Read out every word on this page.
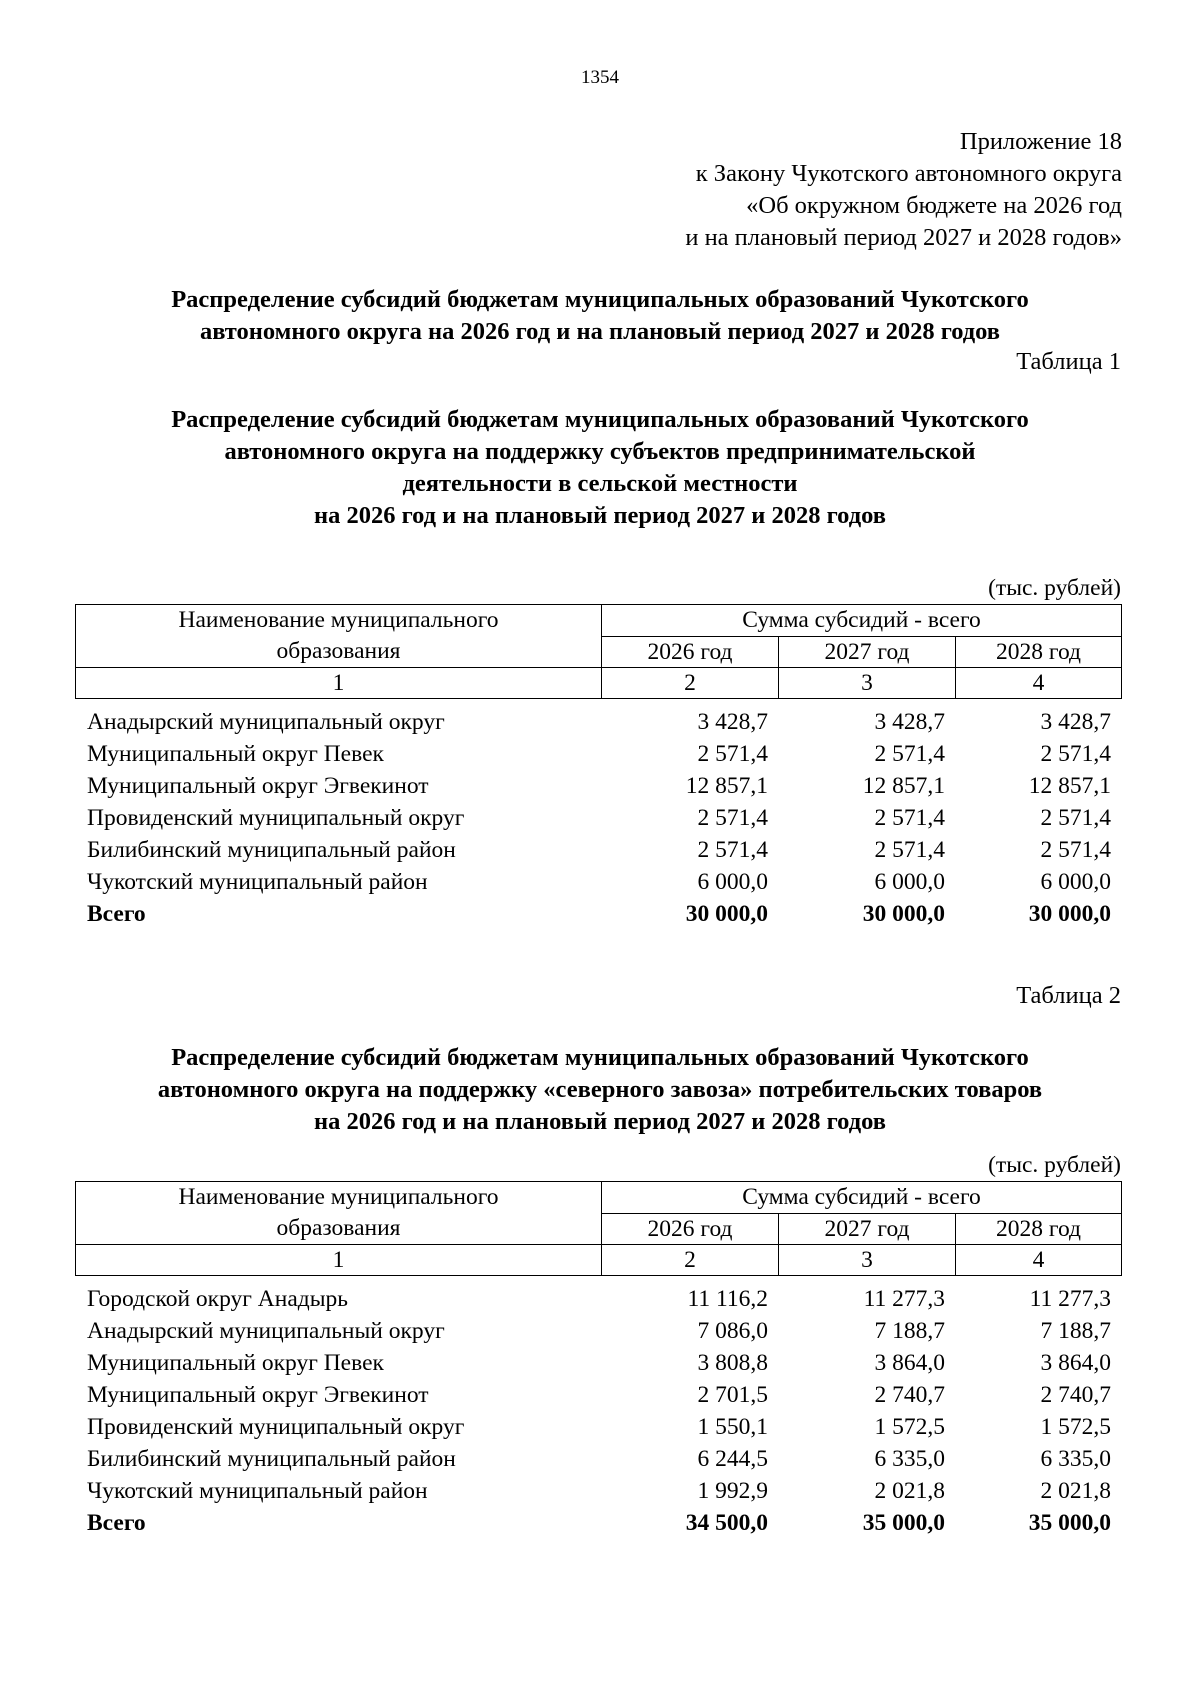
1354
Приложение 18
к Закону Чукотского автономного округа
«Об окружном бюджете на 2026 год
и на плановый период 2027 и 2028 годов»
Распределение субсидий бюджетам муниципальных образований Чукотского
автономного округа на 2026 год и на плановый период 2027 и 2028 годов
Таблица 1
Распределение субсидий бюджетам муниципальных образований Чукотского
автономного округа на поддержку субъектов предпринимательской
деятельности в сельской местности
на 2026 год и на плановый период 2027 и 2028 годов
(тыс. рублей)
Наименование муниципального
образования	Сумма субсидий - всего		
	2026 год	2027 год	2028 год
1	2	3	4
Анадырский муниципальный округ	3 428,7	3 428,7	3 428,7
Муниципальный округ Певек	2 571,4	2 571,4	2 571,4
Муниципальный округ Эгвекинот	12 857,1	12 857,1	12 857,1
Провиденский муниципальный округ	2 571,4	2 571,4	2 571,4
Билибинский муниципальный район	2 571,4	2 571,4	2 571,4
Чукотский муниципальный район	6 000,0	6 000,0	6 000,0
Всего	30 000,0	30 000,0	30 000,0
Таблица 2
Распределение субсидий бюджетам муниципальных образований Чукотского
автономного округа на поддержку «северного завоза» потребительских товаров
на 2026 год и на плановый период 2027 и 2028 годов
(тыс. рублей)
Наименование муниципального
образования	Сумма субсидий - всего		
	2026 год	2027 год	2028 год
1	2	3	4
Городской округ Анадырь	11 116,2	11 277,3	11 277,3
Анадырский муниципальный округ	7 086,0	7 188,7	7 188,7
Муниципальный округ Певек	3 808,8	3 864,0	3 864,0
Муниципальный округ Эгвекинот	2 701,5	2 740,7	2 740,7
Провиденский муниципальный округ	1 550,1	1 572,5	1 572,5
Билибинский муниципальный район	6 244,5	6 335,0	6 335,0
Чукотский муниципальный район	1 992,9	2 021,8	2 021,8
Всего	34 500,0	35 000,0	35 000,0
